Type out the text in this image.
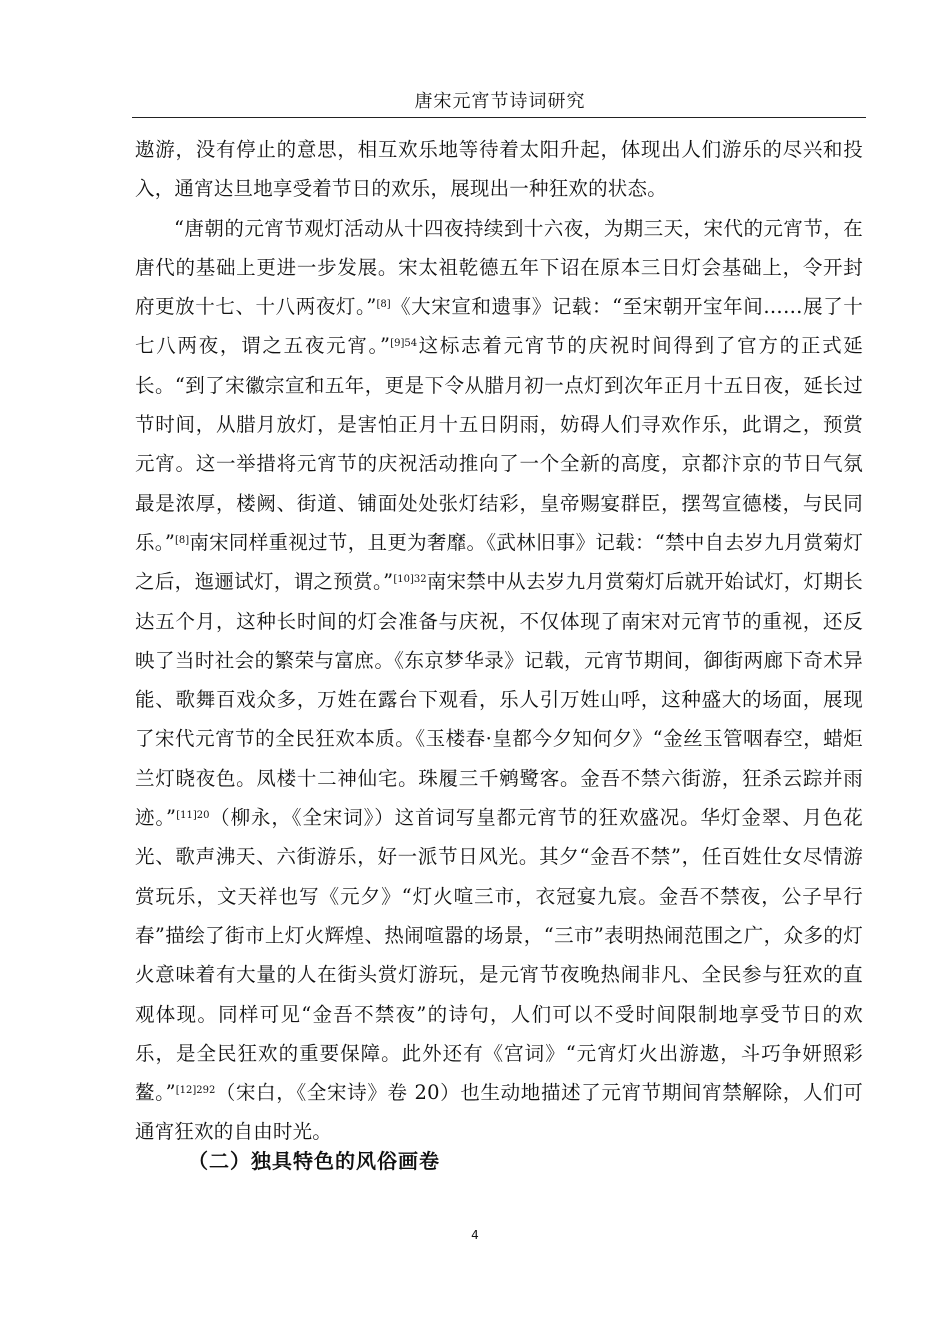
唐宋元宵节诗词研究

遨游，没有停止的意思，相互欢乐地等待着太阳升起，体现出人们游乐的尽兴和投入，通宵达旦地享受着节日的欢乐，展现出一种狂欢的状态。

“唐朝的元宵节观灯活动从十四夜持续到十六夜，为期三天，宋代的元宵节，在唐代的基础上更进一步发展。宋太祖乾德五年下诏在原本三日灯会基础上，令开封府更放十七、十八两夜灯。”[8]《大宋宣和遗事》记载：“至宋朝开宝年间……展了十七八两夜，谓之五夜元宵。”$^{[9]54}$这标志着元宵节的庆祝时间得到了官方的正式延长。“到了宋徽宗宣和五年，更是下令从腊月初一点灯到次年正月十五日夜，延长过节时间，从腊月放灯，是害怕正月十五日阴雨，妨碍人们寻欢作乐，此谓之，预赏元宵。这一举措将元宵节的庆祝活动推向了一个全新的高度，京都汴京的节日气氛最是浓厚，楼阙、街道、铺面处处张灯结彩，皇帝赐宴群臣，摆驾宣德楼，与民同乐。”[8]南宋同样重视过节，且更为奢靡。《武林旧事》记载：“禁中自去岁九月赏菊灯之后，迤逦试灯，谓之预赏。”$^{[10]32}$南宋禁中从去岁九月赏菊灯后就开始试灯，灯期长达五个月，这种长时间的灯会准备与庆祝，不仅体现了南宋对元宵节的重视，还反映了当时社会的繁荣与富庶。《东京梦华录》记载，元宵节期间，御街两廊下奇术异能、歌舞百戏众多，万姓在露台下观看，乐人引万姓山呼，这种盛大的场面，展现了宋代元宵节的全民狂欢本质。《玉楼春·皇都今夕知何夕》“金丝玉管咽春空，蜡炬兰灯晓夜色。凤楼十二神仙宅。珠履三千鹓鹭客。金吾不禁六街游，狂杀云踪并雨迹。”$^{[11]20}$（柳永，《全宋词》）这首词写皇都元宵节的狂欢盛况。华灯金翠、月色花光、歌声沸天、六街游乐，好一派节日风光。其夕“金吾不禁”，任百姓仕女尽情游赏玩乐，文天祥也写《元夕》“灯火喧三市，衣冠宴九宸。金吾不禁夜，公子早行春”描绘了街市上灯火辉煌、热闹喧嚣的场景，“三市”表明热闹范围之广，众多的灯火意味着有大量的人在街头赏灯游玩，是元宵节夜晚热闹非凡、全民参与狂欢的直观体现。同样可见“金吾不禁夜”的诗句，人们可以不受时间限制地享受节日的欢乐，是全民狂欢的重要保障。此外还有《宫词》“元宵灯火出游遨，斗巧争妍照彩鳌。”$^{[12]292}$（宋白，《全宋诗》卷 20）也生动地描述了元宵节期间宵禁解除，人们可通宵狂欢的自由时光。

（二）独具特色的风俗画卷
4
